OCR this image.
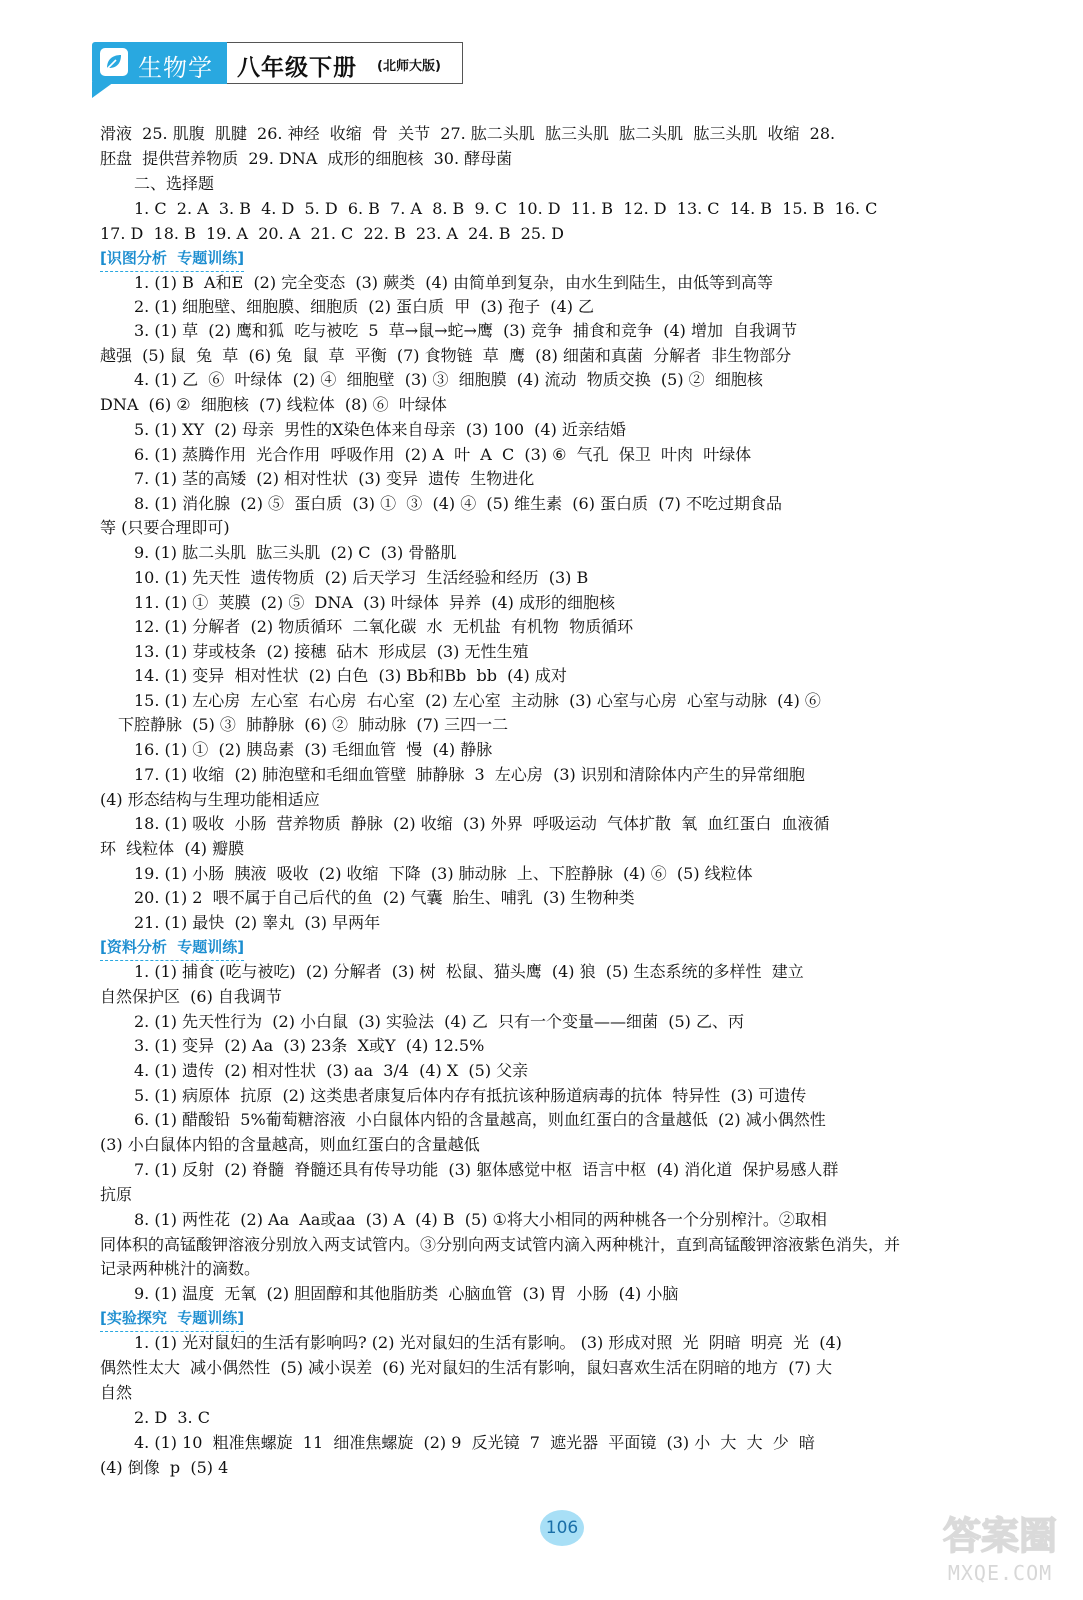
生物学 八年级下册 (北师大版)
滑液  25. 肌腹  肌腱  26. 神经  收缩  骨  关节  27. 肱二头肌  肱三头肌  肱二头肌  肱三头肌  收缩  28.
胚盘  提供营养物质  29. DNA  成形的细胞核  30. 酵母菌
二、选择题
1. C  2. A  3. B  4. D  5. D  6. B  7. A  8. B  9. C  10. D  11. B  12. D  13. C  14. B  15. B  16. C
17. D  18. B  19. A  20. A  21. C  22. B  23. A  24. B  25. D
[识图分析  专题训练]
1. (1) B  A和E  (2) 完全变态  (3) 蕨类  (4) 由简单到复杂，由水生到陆生，由低等到高等
2. (1) 细胞壁、细胞膜、细胞质  (2) 蛋白质  甲  (3) 孢子  (4) 乙
3. (1) 草  (2) 鹰和狐  吃与被吃  5  草→鼠→蛇→鹰  (3) 竞争  捕食和竞争  (4) 增加  自我调节
越强  (5) 鼠  兔  草  (6) 兔  鼠  草  平衡  (7) 食物链  草  鹰  (8) 细菌和真菌  分解者  非生物部分
4. (1) 乙  ⑥  叶绿体  (2) ④  细胞壁  (3) ③  细胞膜  (4) 流动  物质交换  (5) ②  细胞核
DNA  (6) ②  细胞核  (7) 线粒体  (8) ⑥  叶绿体
5. (1) XY  (2) 母亲  男性的X染色体来自母亲  (3) 100  (4) 近亲结婚
6. (1) 蒸腾作用  光合作用  呼吸作用  (2) A  叶  A  C  (3) ⑥  气孔  保卫  叶肉  叶绿体
7. (1) 茎的高矮  (2) 相对性状  (3) 变异  遗传  生物进化
8. (1) 消化腺  (2) ⑤  蛋白质  (3) ①  ③  (4) ④  (5) 维生素  (6) 蛋白质  (7) 不吃过期食品
等 (只要合理即可)
9. (1) 肱二头肌  肱三头肌  (2) C  (3) 骨骼肌
10. (1) 先天性  遗传物质  (2) 后天学习  生活经验和经历  (3) B
11. (1) ①  荚膜  (2) ⑤  DNA  (3) 叶绿体  异养  (4) 成形的细胞核
12. (1) 分解者  (2) 物质循环  二氧化碳  水  无机盐  有机物  物质循环
13. (1) 芽或枝条  (2) 接穗  砧木  形成层  (3) 无性生殖
14. (1) 变异  相对性状  (2) 白色  (3) Bb和Bb  bb  (4) 成对
15. (1) 左心房  左心室  右心房  右心室  (2) 左心室  主动脉  (3) 心室与心房  心室与动脉  (4) ⑥
下腔静脉  (5) ③  肺静脉  (6) ②  肺动脉  (7) 三四一二
16. (1) ①  (2) 胰岛素  (3) 毛细血管  慢  (4) 静脉
17. (1) 收缩  (2) 肺泡壁和毛细血管壁  肺静脉  3  左心房  (3) 识别和清除体内产生的异常细胞
(4) 形态结构与生理功能相适应
18. (1) 吸收  小肠  营养物质  静脉  (2) 收缩  (3) 外界  呼吸运动  气体扩散  氧  血红蛋白  血液循
环  线粒体  (4) 瓣膜
19. (1) 小肠  胰液  吸收  (2) 收缩  下降  (3) 肺动脉  上、下腔静脉  (4) ⑥  (5) 线粒体
20. (1) 2  喂不属于自己后代的鱼  (2) 气囊  胎生、哺乳  (3) 生物种类
21. (1) 最快  (2) 睾丸  (3) 早两年
[资料分析  专题训练]
1. (1) 捕食 (吃与被吃)  (2) 分解者  (3) 树  松鼠、猫头鹰  (4) 狼  (5) 生态系统的多样性  建立
自然保护区  (6) 自我调节
2. (1) 先天性行为  (2) 小白鼠  (3) 实验法  (4) 乙  只有一个变量——细菌  (5) 乙、丙
3. (1) 变异  (2) Aa  (3) 23条  X或Y  (4) 12.5%
4. (1) 遗传  (2) 相对性状  (3) aa  3/4  (4) X  (5) 父亲
5. (1) 病原体  抗原  (2) 这类患者康复后体内存有抵抗该种肠道病毒的抗体  特异性  (3) 可遗传
6. (1) 醋酸铅  5%葡萄糖溶液  小白鼠体内铅的含量越高，则血红蛋白的含量越低  (2) 减小偶然性
(3) 小白鼠体内铅的含量越高，则血红蛋白的含量越低
7. (1) 反射  (2) 脊髓  脊髓还具有传导功能  (3) 躯体感觉中枢  语言中枢  (4) 消化道  保护易感人群
抗原
8. (1) 两性花  (2) Aa  Aa或aa  (3) A  (4) B  (5) ①将大小相同的两种桃各一个分别榨汁。②取相
同体积的高锰酸钾溶液分别放入两支试管内。③分别向两支试管内滴入两种桃汁，直到高锰酸钾溶液紫色消失，并
记录两种桃汁的滴数。
9. (1) 温度  无氧  (2) 胆固醇和其他脂肪类  心脑血管  (3) 胃  小肠  (4) 小脑
[实验探究  专题训练]
1. (1) 光对鼠妇的生活有影响吗? (2) 光对鼠妇的生活有影响。 (3) 形成对照  光  阴暗  明亮  光  (4)
偶然性太大  减小偶然性  (5) 减小误差  (6) 光对鼠妇的生活有影响，鼠妇喜欢生活在阴暗的地方  (7) 大
自然
2. D  3. C
4. (1) 10  粗准焦螺旋  11  细准焦螺旋  (2) 9  反光镜  7  遮光器  平面镜  (3) 小  大  大  少  暗
(4) 倒像  p  (5) 4
106	答案圈
MXQE.COM
